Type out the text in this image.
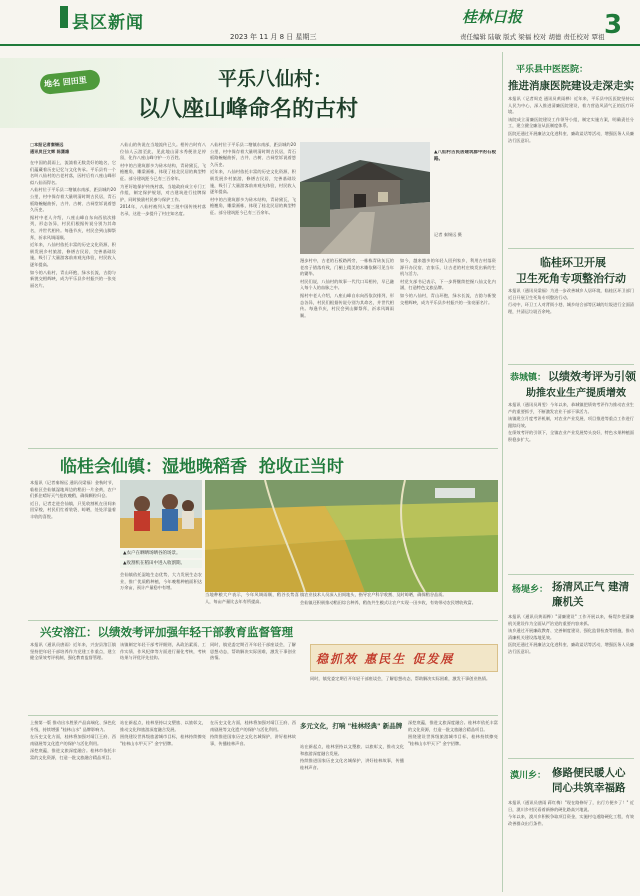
县区新闻
2023 年 11 月 8 日 星期三
桂林日报
责任编辑 陆敏 版式 梁福 校对 胡德 责任校对 覃祖 3
地名 回田里	平乐八仙村：
以八座山峰命名的古村
□本报记者秦锡远
通讯员汪文辉 陈潇雄
在中国的晨雨上，流淌着无数美好的地名，它们蕴藏着历史记忆与文化传承。平乐县有一个名叫八仙村的古老村落，因村后有八座山峰形似八仙而得名。
八仙村位于平乐县二塘镇东南部，距县城约20公里，村中保存着大量明清时期古民居，青石板路蜿蜒曲折，古井、古树、古祠堂诉说着悠久历史。
据村中老人介绍，八座山峰自东向西依次排列，形态各异，村民们根据传说分别为其命名，并世代相传。每逢节庆，村民会到山脚祭拜，祈求风调雨顺。
近年来，八仙村依托丰富的历史文化资源，积极发展乡村旅游，修缮古民居，完善基础设施，吸引了大量游客前来观光体验，村民收入逐年提高。
如今的八仙村，青山环抱，绿水长流，古韵与新貌交相辉映，成为平乐县乡村振兴的一张亮丽名片。
八仙山的传说在当地流传已久。相传古时有八位仙人云游至此，见此地山清水秀便驻足停留，化作八座山峰守护一方百姓。
村中的古建筑群多为砖木结构，青砖黛瓦，飞檐翘角，雕梁画栋，体现了桂北民居的典型特征。部分建筑距今已有三百余年。
为更好地保护传统村落，当地政府成立专门工作组，制定保护规划，对古建筑进行挂牌保护，同时鼓励村民参与保护工作。
2014年，八仙村被列入第三批中国传统村落名录，这进一步提升了村庄知名度。
八仙村位于平乐县二塘镇东南部，距县城约20公里，村中保存着大量明清时期古民居，青石板路蜿蜒曲折，古井、古树、古祠堂诉说着悠久历史。
近年来，八仙村依托丰富的历史文化资源，积极发展乡村旅游，修缮古民居，完善基础设施，吸引了大量游客前来观光体验，村民收入逐年提高。
村中的古建筑群多为砖木结构，青砖黛瓦，飞檐翘角，雕梁画栋，体现了桂北民居的典型特征。部分建筑距今已有三百余年。
▲八仙村古民居建筑群中的石板路。
记者 秦锡远 摄
漫步村中，古老的石板路两旁，一栋栋青砖灰瓦的老房子错落有致，门楣上精美的木雕依稀可见当年的繁华。
村民们说，八仙村的故事一代代口耳相传，早已融入每个人的血脉之中。
据村中老人介绍，八座山峰自东向西依次排列，形态各异，村民们根据传说分别为其命名，并世代相传。每逢节庆，村民会到山脚祭拜，祈求风调雨顺。
如今，越来越多的年轻人回到家乡，利用古村落资源开办民宿、农家乐，让古老的村庄焕发出新的生机与活力。
村党支部书记表示，下一步将继续挖掘八仙文化内涵，打造特色文旅品牌。
如今的八仙村，青山环抱，绿水长流，古韵与新貌交相辉映，成为平乐县乡村振兴的一张亮丽名片。
临桂会仙镇：湿地晚稻香  抢收正当时
本报讯（记者秦锡远 通讯员梁福）金秋时节，临桂区会仙镇湿地周边的稻田一片金黄，农户们抓住晴好天气抢收晚稻，确保颗粒归仓。
近日，记者走进会仙镇，只见收割机在田间来回穿梭，村民们忙着装袋、晾晒，处处洋溢着丰收的喜悦。
▲农户在晒晒场晒谷的场景。
▲收割机在稻田中进入收割期。
会仙镇依托湿地生态优势，大力发展生态农业，推广优质稻种植，今年晚稻种植面积达万余亩，预计产量稳中有增。
当地种粮大户表示，今年风调雨顺，稻谷长势喜人，每亩产量比去年有所提高。
镇农业技术人员深入田间地头，指导农户科学收割、及时晾晒，确保稻谷品质。
会仙镇还积极推动稻田综合种养，稻鱼共生模式让农户实现一田多收，有效带动农民增收致富。
兴安溶江：以绩效考评加强年轻干部教育监督管理
本报讯（通讯员唐雨）近年来，兴安县溶江镇坚持把年轻干部培养作为党建工作重点，建立健全绩效考评机制，强化教育监督管理。
该镇制定年轻干部考评细则，从政治素质、工作实绩、作风纪律等方面进行量化考核，考核结果与评优评先挂钩。
同时，镇党委定期召开年轻干部座谈会，了解思想动态，帮助解决实际困难，激发干事创业热情。	稳抓效 惠民生 促发展
同时，镇党委定期召开年轻干部座谈会，了解思想动态，帮助解决实际困难，激发干事创业热情。
上接第一版 推动出水胜景产品高端化、绿色化升级，持续增强 "桂林山水" 品牌影响力。
在历史文化方面，桂林将加强对靖江王府、西南剧展等文化遗产的保护与活化利用。
深挖底蕴，推进文旅深度融合。桂林市依托丰富的文化资源，打造一批文旅融合精品项目。
站在新起点，桂林坚持以文塑旅、以旅彰文，推动文化和旅游深度融合发展。
围绕建设世界级旅游城市目标，桂林持续擦亮 "桂林山水甲天下" 金字招牌。
在历史文化方面，桂林将加强对靖江王府、西南剧展等文化遗产的保护与活化利用。
持续推进国家历史文化名城保护，讲好桂林故事，传播桂林声音。
多元文化，打响 "桂林经典" 新品牌
站在新起点，桂林坚持以文塑旅、以旅彰文，推动文化和旅游深度融合发展。
持续推进国家历史文化名城保护，讲好桂林故事，传播桂林声音。
深挖底蕴，推进文旅深度融合。桂林市依托丰富的文化资源，打造一批文旅融合精品项目。
围绕建设世界级旅游城市目标，桂林持续擦亮 "桂林山水甲天下" 金字招牌。
平乐县中医医院：
推进消康医院建设走深走实
本报讯（记者周克 通讯员黄雨桦）近年来，平乐县中医医院坚持以人民为中心，深入推进清廉医院建设，着力营造风清气正的医疗环境。
该院成立清廉医院建设工作领导小组，制定实施方案，明确责任分工，建立健全廉洁从医制度体系。
医院还通过开展廉洁文化进科室、廉政谈话等活动，增强医务人员廉洁行医意识。
临桂环卫开展
卫生死角专项整治行动
本报讯（通讯员梁福）为进一步改善城乡人居环境，临桂区环卫部门近日开展卫生死角专项整治行动。
行动中，环卫工人对背街小巷、城乡结合部等区域的垃圾进行全面清理，共清运垃圾百余吨。
恭城镇： 以绩效考评为引领
助推农业生产提质增效
本报讯（通讯员周雯）今年以来，恭城镇把绩效考评作为推动农业生产的重要抓手，不断激发农业干部干事活力。
该镇建立月度考评机制，对农业产业发展、项目推进等重点工作进行跟踪问效。
在绩效考评的引领下，全镇农业产业发展势头良好，特色水果种植面积稳步扩大。
杨堤乡： 扬清风正气 建清廉机关
本报讯（通讯员黄雨桦）"清廉建设" 工作开展以来，杨堤乡把清廉机关建设作为全面从严治党的重要内容来抓。
该乡通过开展廉政教育、完善制度建设、强化监督检查等措施，推动清廉机关建设落地见效。
医院还通过开展廉洁文化进科室、廉政谈话等活动，增强医务人员廉洁行医意识。
漠川乡： 修路便民暖人心 同心共筑幸福路
本报讯（通讯员唐雨 蒋红梅）"现在路修好了，出行方便多了！" 近日，漠川乡村民看着新修的硬化路高兴地说。
今年以来，漠川乡积极争取项目资金，实施村屯道路硬化工程，有效改善群众出行条件。
